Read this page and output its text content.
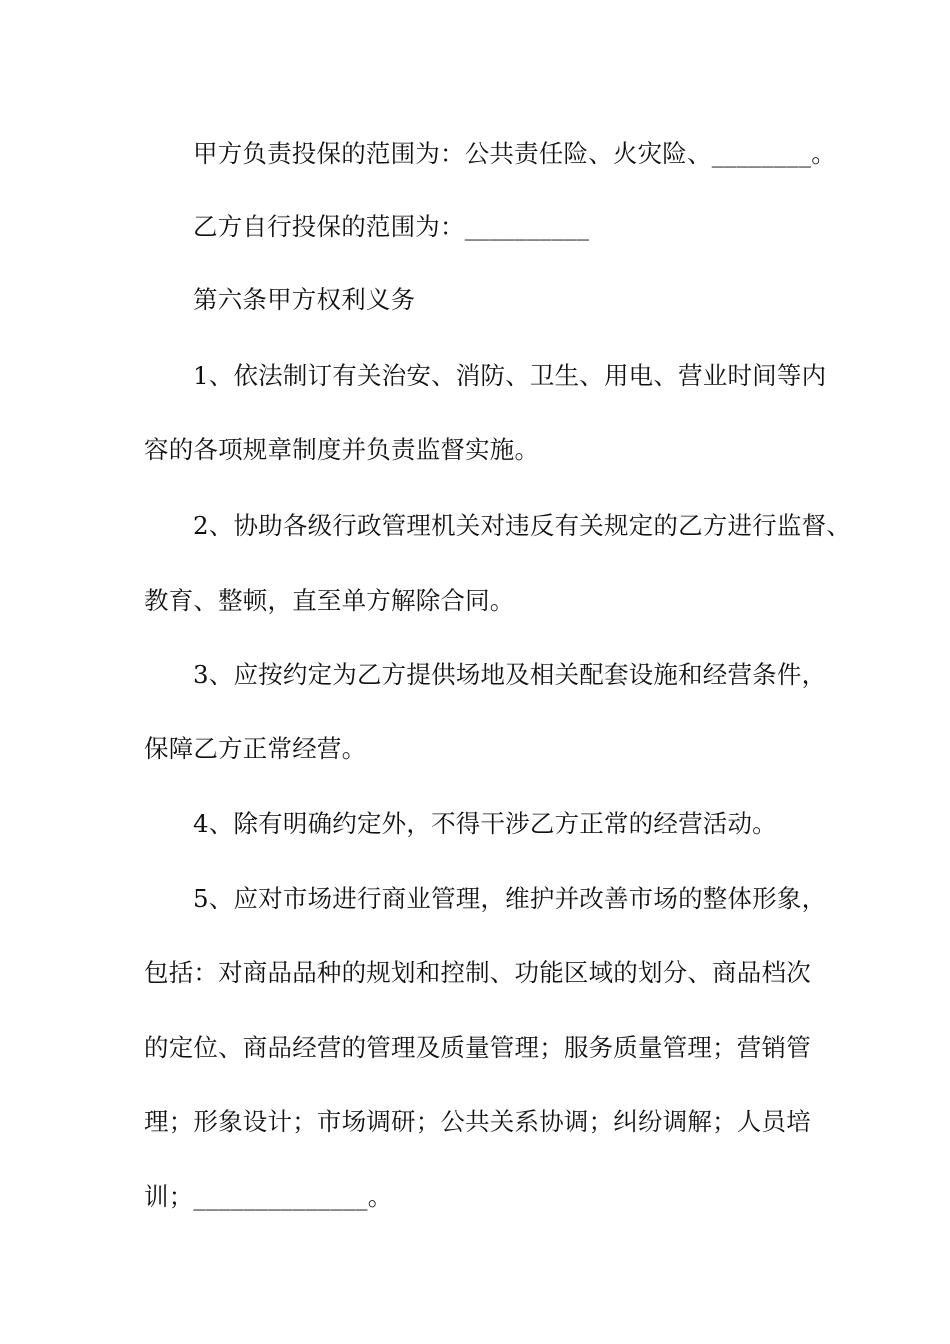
甲方负责投保的范围为：公共责任险、火灾险、________。
乙方自行投保的范围为：__________
第六条甲方权利义务
1、依法制订有关治安、消防、卫生、用电、营业时间等内
容的各项规章制度并负责监督实施。
2、协助各级行政管理机关对违反有关规定的乙方进行监督、
教育、整顿，直至单方解除合同。
3、应按约定为乙方提供场地及相关配套设施和经营条件，
保障乙方正常经营。
4、除有明确约定外，不得干涉乙方正常的经营活动。
5、应对市场进行商业管理，维护并改善市场的整体形象，
包括：对商品品种的规划和控制、功能区域的划分、商品档次
的定位、商品经营的管理及质量管理；服务质量管理；营销管
理；形象设计；市场调研；公共关系协调；纠纷调解；人员培
训；______________。
